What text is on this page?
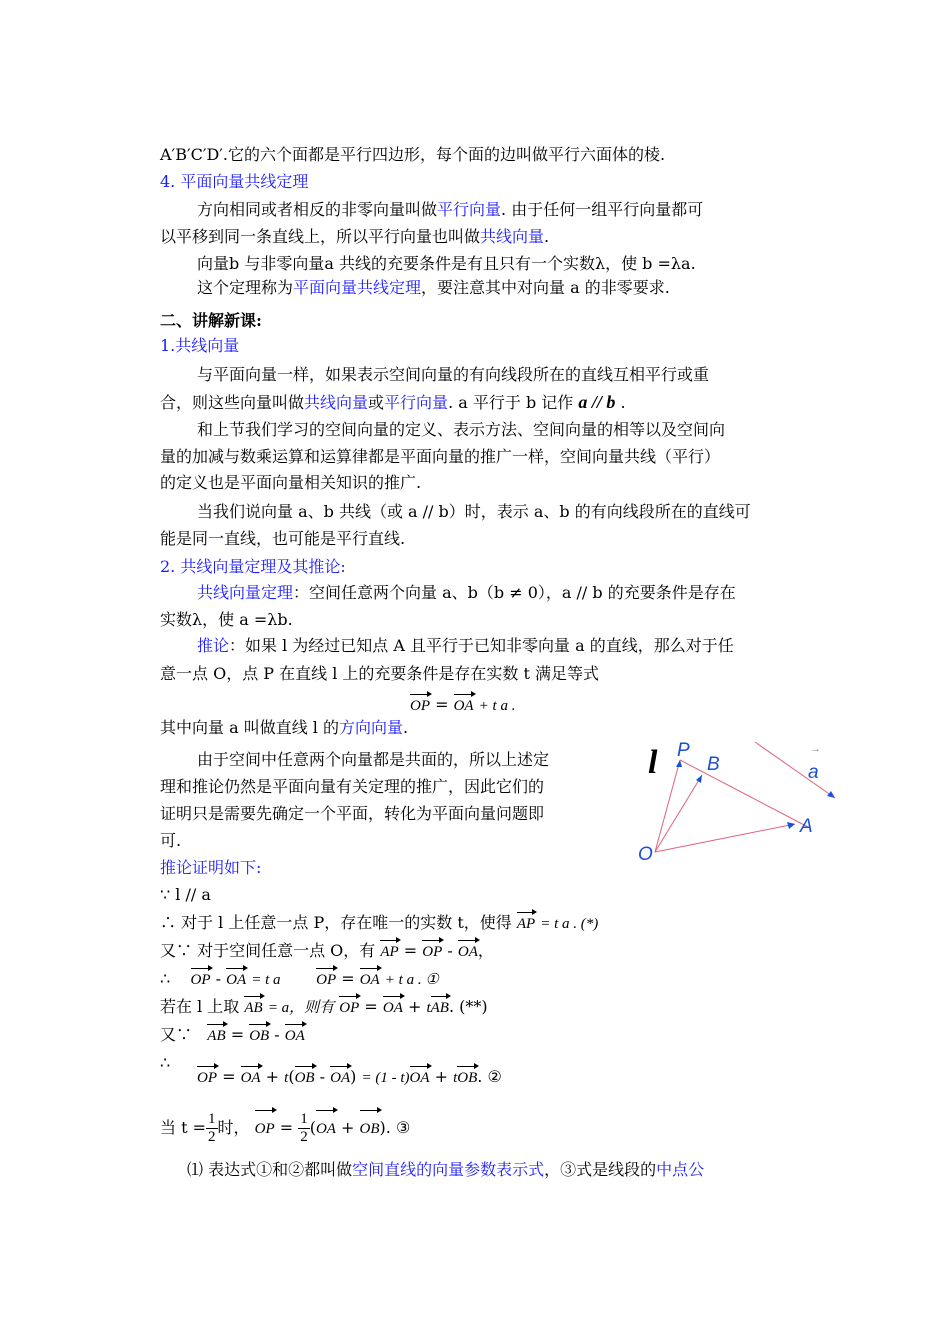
A′B′C′D′.它的六个面都是平行四边形，每个面的边叫做平行六面体的棱.
4. 平面向量共线定理
方向相同或者相反的非零向量叫做平行向量. 由于任何一组平行向量都可
以平移到同一条直线上，所以平行向量也叫做共线向量.
向量b 与非零向量a 共线的充要条件是有且只有一个实数λ，使 b =λa.
这个定理称为平面向量共线定理，要注意其中对向量 a 的非零要求.
二、讲解新课:
1.共线向量
与平面向量一样，如果表示空间向量的有向线段所在的直线互相平行或重
合，则这些向量叫做共线向量或平行向量. a 平行于 b 记作 a // b .
和上节我们学习的空间向量的定义、表示方法、空间向量的相等以及空间向
量的加减与数乘运算和运算律都是平面向量的推广一样，空间向量共线（平行）
的定义也是平面向量相关知识的推广.
当我们说向量 a、b 共线（或 a // b）时，表示 a、b 的有向线段所在的直线可
能是同一直线，也可能是平行直线.
2. 共线向量定理及其推论:
共线向量定理：空间任意两个向量 a、b（b ≠ 0），a // b 的充要条件是存在
实数λ，使 a =λb.
推论：如果 l 为经过已知点 A 且平行于已知非零向量 a 的直线，那么对于任
意一点 O，点 P 在直线 l 上的充要条件是存在实数 t 满足等式
OP = OA + t a .
其中向量 a 叫做直线 l 的方向向量.
由于空间中任意两个向量都是共面的，所以上述定
理和推论仍然是平面向量有关定理的推广，因此它们的
证明只是需要先确定一个平面，转化为平面向量问题即
可.
推论证明如下:
∵ l // a
∴ 对于 l 上任意一点 P，存在唯一的实数 t，使得 AP = t a . (*)
又∵ 对于空间任意一点 O，有 AP = OP - OA，
∴ OP - OA = t a OP = OA + t a . ①
若在 l 上取 AB = a，则有 OP = OA + tAB. (**)
又∵ AB = OB - OA
∴
OP = OA + t(OB - OA) = (1 - t)OA + tOB. ②
当 $t = \frac{1}{2}$ 时， OP = $\frac{1}{2} (OA + OB)$. ③
⑴ 表达式①和②都叫做空间直线的向量参数表示式，③式是线段的中点公
l P
B
A
O
→
a
